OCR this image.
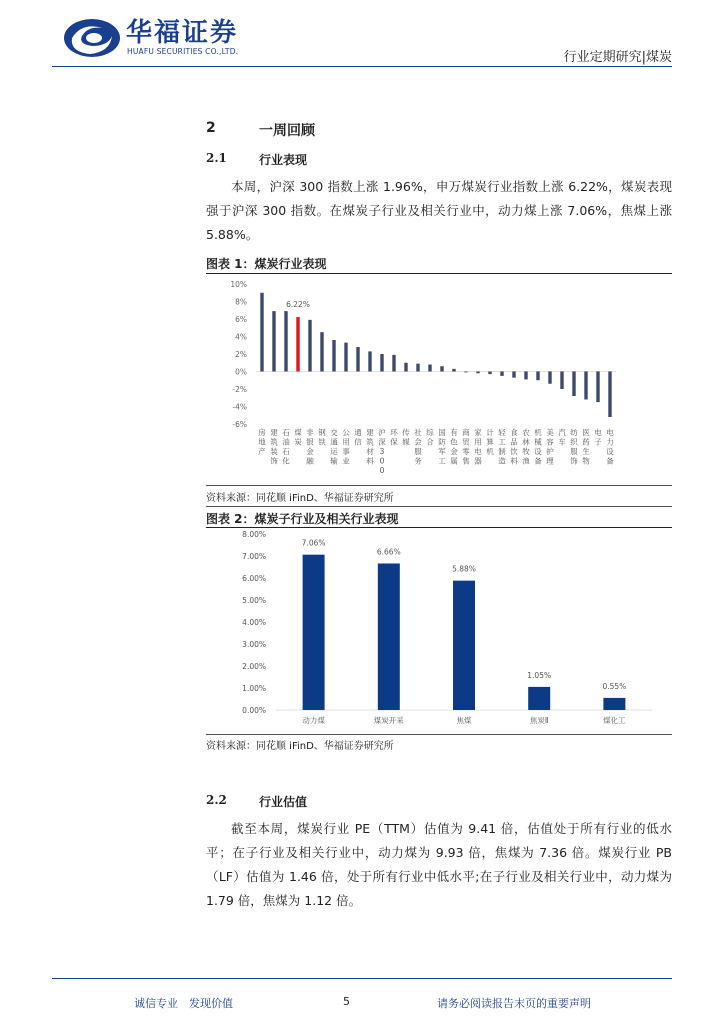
华福证券
HUAFU SECURITIES CO.,LTD.	行业定期研究|煤炭
2	一周回顾
2.1	行业表现
本周，沪深 300 指数上涨 1.96%，申万煤炭行业指数上涨 6.22%，煤炭表现强于沪深 300 指数。在煤炭子行业及相关行业中，动力煤上涨 7.06%，焦煤上涨 5.88%。
图表 1：煤炭行业表现
10%
8%
6%
4%
2%
0%
-2%
-4%
-6%
房地产
建筑装饰
石油石化
煤炭
非银金融
钢铁
交通运输
公用事业
通信
建筑材料
沪深 3 0 0
环保
传媒
社会服务
综合
国防军工
有色金属
商贸零售
家用电器
计算机
轻工制造
食品饮料
农林牧渔
机械设备
美容护理
汽车
纺织服饰
医药生物
电子
电力设备
6.22%
资料来源：同花顺 iFinD、华福证券研究所
图表 2：煤炭子行业及相关行业表现
8.00%
7.00%
6.00%
5.00%
4.00%
3.00%
2.00%
1.00%
0.00%
7.06%
动力煤
6.66%
煤炭开采
5.88%
焦煤
1.05%
焦炭Ⅱ
0.55%
煤化工
资料来源：同花顺 iFinD、华福证券研究所
2.2	行业估值
截至本周，煤炭行业 PE（TTM）估值为 9.41 倍，估值处于所有行业的低水平；在子行业及相关行业中，动力煤为 9.93 倍，焦煤为 7.36 倍。煤炭行业 PB（LF）估值为 1.46 倍，处于所有行业中低水平;在子行业及相关行业中，动力煤为 1.79 倍，焦煤为 1.12 倍。
诚信专业　发现价值	5	请务必阅读报告末页的重要声明
